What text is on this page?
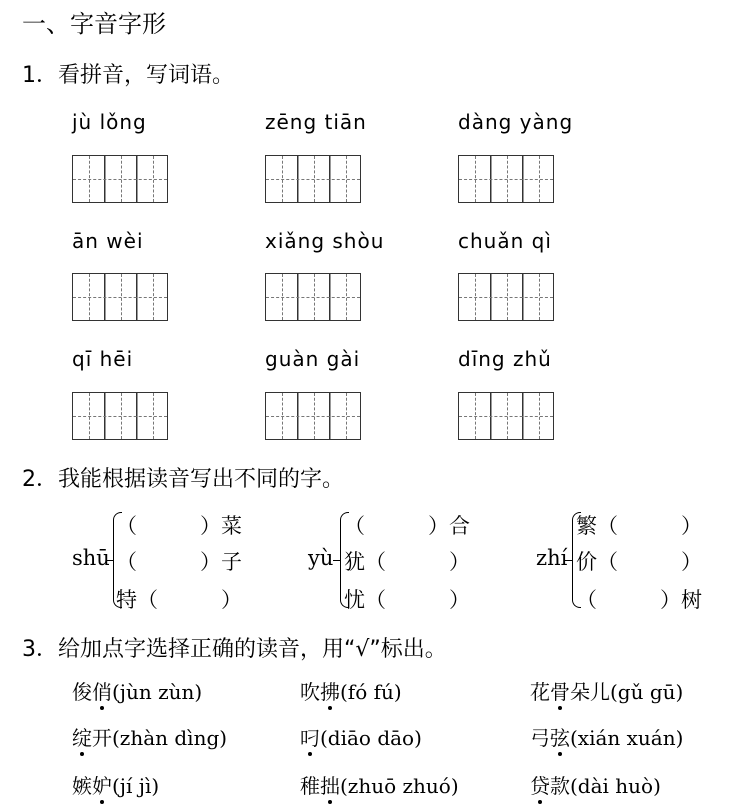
一、字音字形
1．看拼音，写词语。
jù lǒng	zēng tiān	dàng yàng
ān wèi	xiǎng shòu	chuǎn qì
qī hēi	guàn gài	dīng zhǔ
2．我能根据读音写出不同的字。
shū
（　　　）菜
（　　　）子
特（　　　）
yù
（　　　）合
犹（　　　）
忧（　　　）
zhí
繁（　　　）
价（　　　）
（　　　）树
3．给加点字选择正确的读音，用“√”标出。
俊俏(jùn zùn)	吹拂(fó fú)	花骨朵儿(gǔ gū)
绽开(zhàn dìng)	叼(diāo dāo)	弓弦(xián xuán)
嫉妒(jí jì)	稚拙(zhuō zhuó)	贷款(dài huò)
